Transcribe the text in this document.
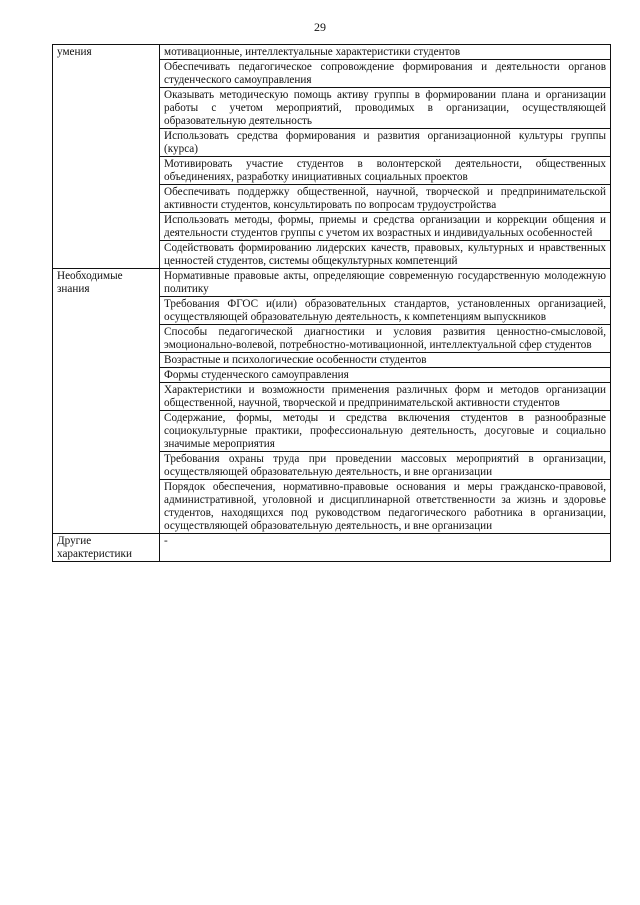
29
умения	мотивационные, интеллектуальные характеристики студентов
	Обеспечивать педагогическое сопровождение формирования и деятельности органов студенческого самоуправления
	Оказывать методическую помощь активу группы в формировании плана и организации работы с учетом мероприятий, проводимых в организации, осуществляющей образовательную деятельность
	Использовать средства формирования и развития организационной культуры группы (курса)
	Мотивировать участие студентов в волонтерской деятельности, общественных объединениях, разработку инициативных социальных проектов
	Обеспечивать поддержку общественной, научной, творческой и предпринимательской активности студентов, консультировать по вопросам трудоустройства
	Использовать методы, формы, приемы и средства организации и коррекции общения и деятельности студентов группы с учетом их возрастных и индивидуальных особенностей
	Содействовать формированию лидерских качеств, правовых, культурных и нравственных ценностей студентов, системы общекультурных компетенций
Необходимые знания	Нормативные правовые акты, определяющие современную государственную молодежную политику
	Требования ФГОС и(или) образовательных стандартов, установленных организацией, осуществляющей образовательную деятельность, к компетенциям выпускников
	Способы педагогической диагностики и условия развития ценностно-смысловой, эмоционально-волевой, потребностно-мотивационной, интеллектуальной сфер студентов
	Возрастные и психологические особенности студентов
	Формы студенческого самоуправления
	Характеристики и возможности применения различных форм и методов организации общественной, научной, творческой и предпринимательской активности студентов
	Содержание, формы, методы и средства включения студентов в разнообразные социокультурные практики, профессиональную деятельность, досуговые и социально значимые мероприятия
	Требования охраны труда при проведении массовых мероприятий в организации, осуществляющей образовательную деятельность, и вне организации
	Порядок обеспечения, нормативно-правовые основания и меры гражданско-правовой, административной, уголовной и дисциплинарной ответственности за жизнь и здоровье студентов, находящихся под руководством педагогического работника в организации, осуществляющей образовательную деятельность, и вне организации
Другие характеристики	-
